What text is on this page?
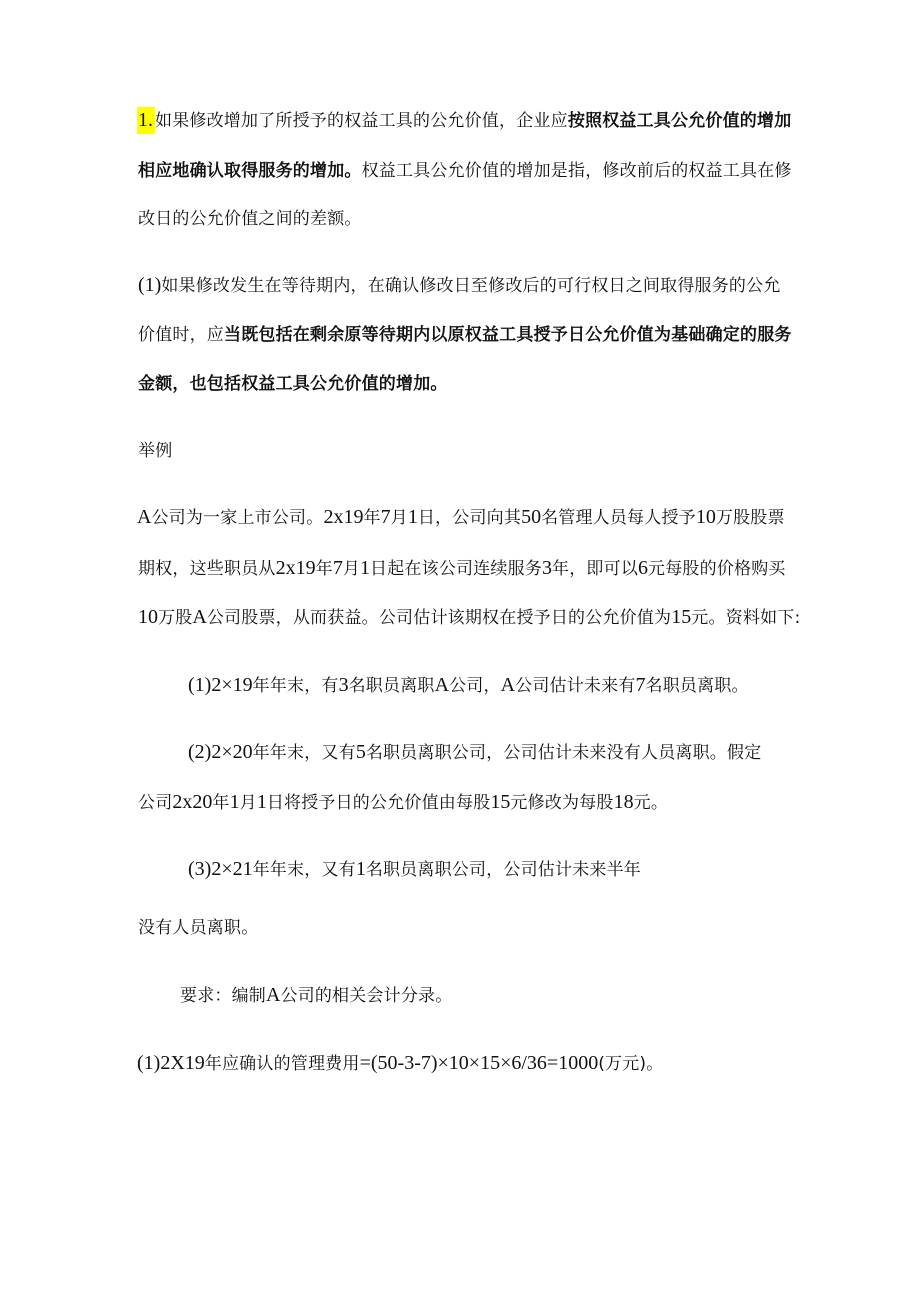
1. 如果修改增加了所授予的权益工具的公允价值，企业应按照权益工具公允价值的增加
相应地确认取得服务的增加。权益工具公允价值的增加是指，修改前后的权益工具在修
改日的公允价值之间的差额。
(1)如果修改发生在等待期内，在确认修改日至修改后的可行权日之间取得服务的公允
价值时，应当既包括在剩余原等待期内以原权益工具授予日公允价值为基础确定的服务
金额，也包括权益工具公允价值的增加。
举例
A公司为一家上市公司。2x19年7月1日，公司向其50名管理人员每人授予10万股股票
期权，这些职员从2x19年7月1日起在该公司连续服务3年，即可以6元每股的价格购买
10万股A公司股票，从而获益。公司估计该期权在授予日的公允价值为15元。资料如下:
(1)2×19年年末，有3名职员离职A公司，A公司估计未来有7名职员离职。
(2)2×20年年末，又有5名职员离职公司，公司估计未来没有人员离职。假定
公司2x20年1月1日将授予日的公允价值由每股15元修改为每股18元。
(3)2×21年年末，又有1名职员离职公司，公司估计未来半年
没有人员离职。
要求：编制A公司的相关会计分录。
(1)2X19年应确认的管理费用=(50-3-7)×10×15×6/36=1000(万元)。
